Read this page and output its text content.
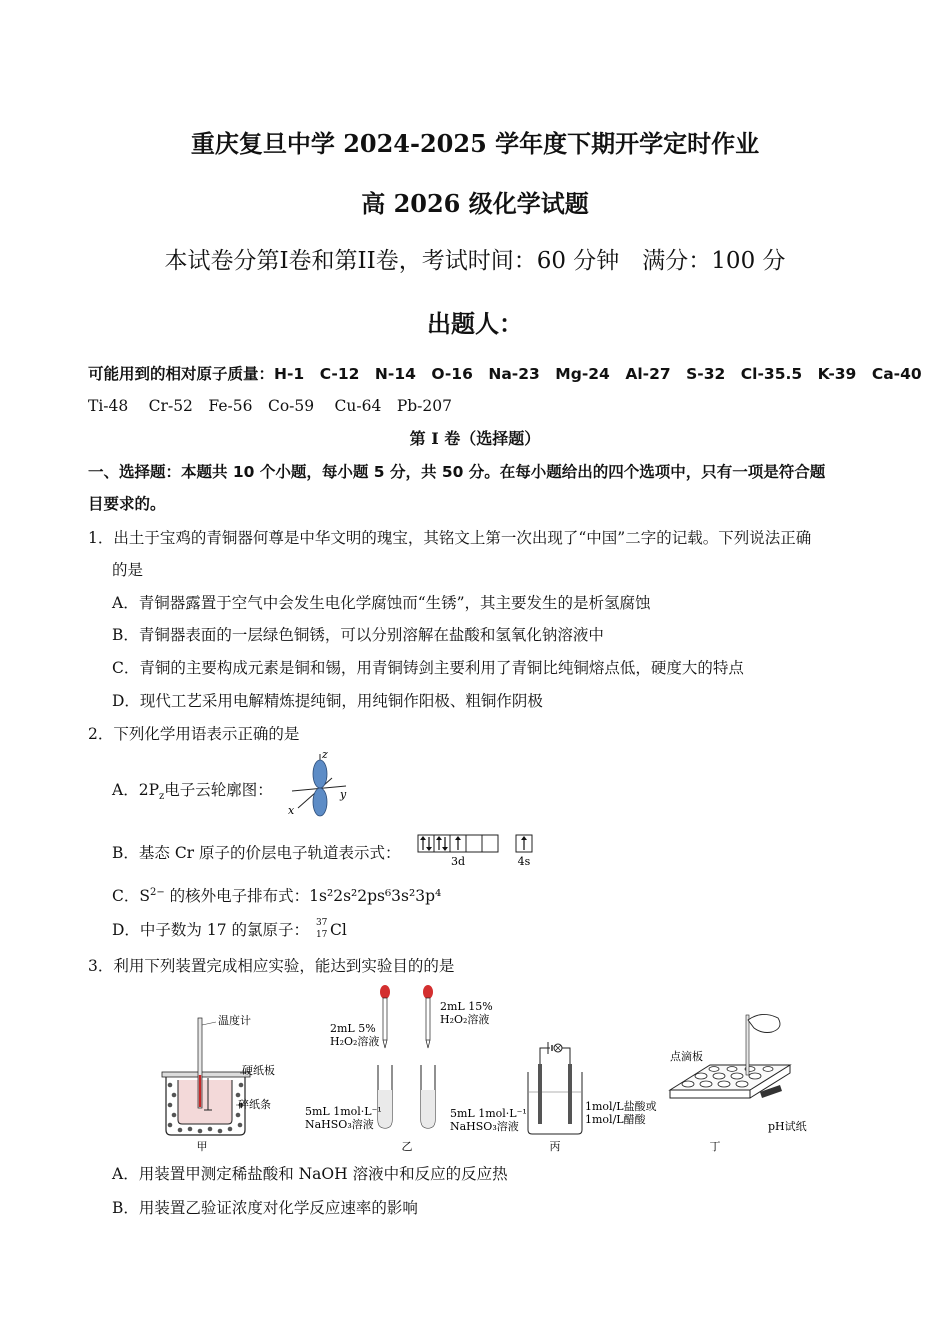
重庆复旦中学 2024-2025 学年度下期开学定时作业
高 2026 级化学试题
本试卷分第I卷和第II卷，考试时间：60 分钟　满分：100 分
出题人：
可能用到的相对原子质量：H-1　C-12　N-14　O-16　Na-23　Mg-24　Al-27　S-32　Cl-35.5　K-39　Ca-40
Ti-48　 Cr-52　Fe-56　Co-59　 Cu-64　Pb-207
第 I 卷（选择题）
一、选择题：本题共 10 个小题，每小题 5 分，共 50 分。在每小题给出的四个选项中，只有一项是符合题
目要求的。
1．出土于宝鸡的青铜器何尊是中华文明的瑰宝，其铭文上第一次出现了“中国”二字的记载。下列说法正确
的是
A．青铜器露置于空气中会发生电化学腐蚀而“生锈”，其主要发生的是析氢腐蚀
B．青铜器表面的一层绿色铜锈，可以分别溶解在盐酸和氢氧化钠溶液中
C．青铜的主要构成元素是铜和锡，用青铜铸剑主要利用了青铜比纯铜熔点低，硬度大的特点
D．现代工艺采用电解精炼提纯铜，用纯铜作阳极、粗铜作阴极
2．下列化学用语表示正确的是
A．$2P_z$电子云轮廓图：
z
y
x
B．基态 Cr 原子的价层电子轨道表示式：	3d	4s
C．$S^{2-}$ 的核外电子排布式：1s²2s²2ps⁶3s²3p⁴
D．中子数为 17 的氯原子： 37
17 Cl
3．利用下列装置完成相应实验，能达到实验目的的是
温度计
硬纸板
碎纸条
甲
2mL 5%
H₂O₂溶液
2mL 15%
H₂O₂溶液
5mL 1mol·L⁻¹
NaHSO₃溶液
5mL 1mol·L⁻¹
NaHSO₃溶液
乙
1mol/L盐酸或
1mol/L醋酸
丙
点滴板
pH试纸
丁
A．用装置甲测定稀盐酸和 NaOH 溶液中和反应的反应热
B．用装置乙验证浓度对化学反应速率的影响
